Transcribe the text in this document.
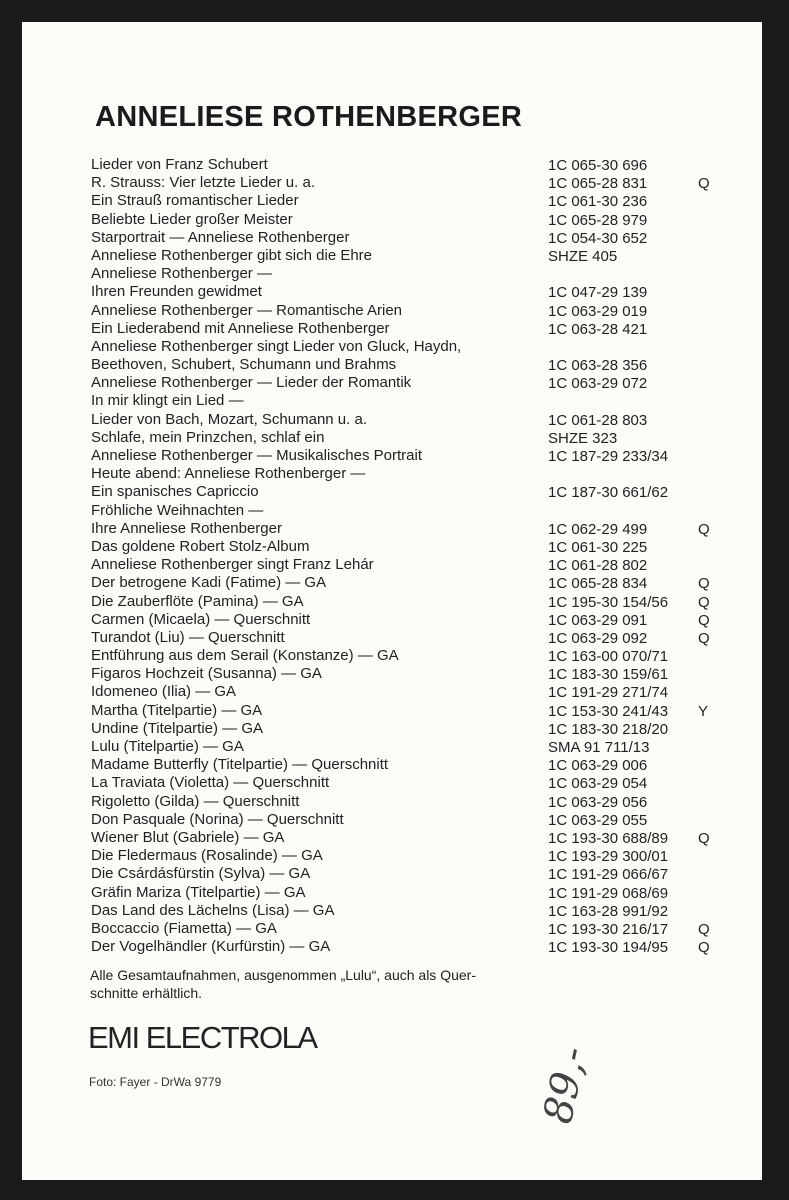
ANNELIESE ROTHENBERGER
Lieder von Franz Schubert	1C 065-30 696
R. Strauss: Vier letzte Lieder u. a.	1C 065-28 831	Q
Ein Strauß romantischer Lieder	1C 061-30 236
Beliebte Lieder großer Meister	1C 065-28 979
Starportrait — Anneliese Rothenberger	1C 054-30 652
Anneliese Rothenberger gibt sich die Ehre	SHZE 405
Anneliese Rothenberger —
Ihren Freunden gewidmet	1C 047-29 139
Anneliese Rothenberger — Romantische Arien	1C 063-29 019
Ein Liederabend mit Anneliese Rothenberger	1C 063-28 421
Anneliese Rothenberger singt Lieder von Gluck, Haydn,
Beethoven, Schubert, Schumann und Brahms	1C 063-28 356
Anneliese Rothenberger — Lieder der Romantik	1C 063-29 072
In mir klingt ein Lied —
Lieder von Bach, Mozart, Schumann u. a.	1C 061-28 803
Schlafe, mein Prinzchen, schlaf ein	SHZE 323
Anneliese Rothenberger — Musikalisches Portrait	1C 187-29 233/34
Heute abend: Anneliese Rothenberger —
Ein spanisches Capriccio	1C 187-30 661/62
Fröhliche Weihnachten —
Ihre Anneliese Rothenberger	1C 062-29 499	Q
Das goldene Robert Stolz-Album	1C 061-30 225
Anneliese Rothenberger singt Franz Lehár	1C 061-28 802
Der betrogene Kadi (Fatime) — GA	1C 065-28 834	Q
Die Zauberflöte (Pamina) — GA	1C 195-30 154/56 Q
Carmen (Micaela) — Querschnitt	1C 063-29 091	Q
Turandot (Liu) — Querschnitt	1C 063-29 092	Q
Entführung aus dem Serail (Konstanze) — GA	1C 163-00 070/71
Figaros Hochzeit (Susanna) — GA	1C 183-30 159/61
Idomeneo (Ilia) — GA	1C 191-29 271/74
Martha (Titelpartie) — GA	1C 153-30 241/43 Y
Undine (Titelpartie) — GA	1C 183-30 218/20
Lulu (Titelpartie) — GA	SMA 91 711/13
Madame Butterfly (Titelpartie) — Querschnitt	1C 063-29 006
La Traviata (Violetta) — Querschnitt	1C 063-29 054
Rigoletto (Gilda) — Querschnitt	1C 063-29 056
Don Pasquale (Norina) — Querschnitt	1C 063-29 055
Wiener Blut (Gabriele) — GA	1C 193-30 688/89 Q
Die Fledermaus (Rosalinde) — GA	1C 193-29 300/01
Die Csárdásfürstin (Sylva) — GA	1C 191-29 066/67
Gräfin Mariza (Titelpartie) — GA	1C 191-29 068/69
Das Land des Lächelns (Lisa) — GA	1C 163-28 991/92
Boccaccio (Fiametta) — GA	1C 193-30 216/17 Q
Der Vogelhändler (Kurfürstin) — GA	1C 193-30 194/95 Q
Alle Gesamtaufnahmen, ausgenommen „Lulu“, auch als Quer-
schnitte erhältlich.
EMI ELECTROLA
Foto: Fayer - DrWa 9779	89,-
